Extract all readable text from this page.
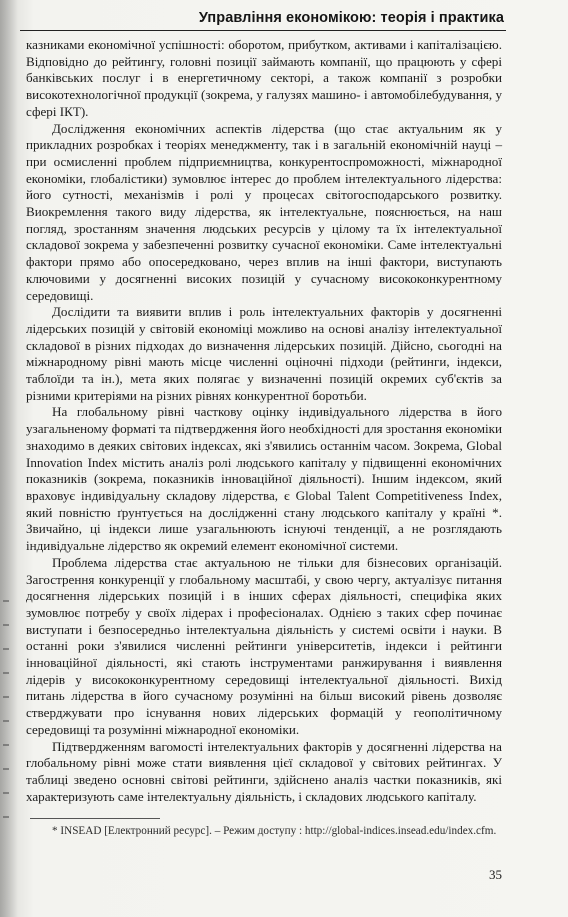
Управління економікою: теорія і практика

казниками економічної успішності: оборотом, прибутком, активами і капіталізацією. Відповідно до рейтингу, головні позиції займають компанії, що працюють у сфері банківських послуг і в енергетичному секторі, а також компанії з розробки високотехнологічної продукції (зокрема, у галузях машино- і автомобілебудування, у сфері ІКТ).

Дослідження економічних аспектів лідерства (що стає актуальним як у прикладних розробках і теоріях менеджменту, так і в загальній економічній науці – при осмисленні проблем підприємництва, конкурентоспроможності, міжнародної економіки, глобалістики) зумовлює інтерес до проблем інтелектуального лідерства: його сутності, механізмів і ролі у процесах світогосподарського розвитку. Виокремлення такого виду лідерства, як інтелектуальне, пояснюється, на наш погляд, зростанням значення людських ресурсів у цілому та їх інтелектуальної складової зокрема у забезпеченні розвитку сучасної економіки. Саме інтелектуальні фактори прямо або опосередковано, через вплив на інші фактори, виступають ключовими у досягненні високих позицій у сучасному висококонкурентному середовищі.

Дослідити та виявити вплив і роль інтелектуальних факторів у досягненні лідерських позицій у світовій економіці можливо на основі аналізу інтелектуальної складової в різних підходах до визначення лідерських позицій. Дійсно, сьогодні на міжнародному рівні мають місце численні оціночні підходи (рейтинги, індекси, таблоїди та ін.), мета яких полягає у визначенні позицій окремих суб'єктів за різними критеріями на різних рівнях конкурентної боротьби.

На глобальному рівні часткову оцінку індивідуального лідерства в його узагальненому форматі та підтвердження його необхідності для зростання економіки знаходимо в деяких світових індексах, які з'явились останнім часом. Зокрема, Global Innovation Index містить аналіз ролі людського капіталу у підвищенні економічних показників (зокрема, показників інноваційної діяльності). Іншим індексом, який враховує індивідуальну складову лідерства, є Global Talent Competitiveness Index, який повністю ґрунтується на дослідженні стану людського капіталу у країні *. Звичайно, ці індекси лише узагальнюють існуючі тенденції, а не розглядають індивідуальне лідерство як окремий елемент економічної системи.

Проблема лідерства стає актуальною не тільки для бізнесових організацій. Загострення конкуренції у глобальному масштабі, у свою чергу, актуалізує питання досягнення лідерських позицій і в інших сферах діяльності, специфіка яких зумовлює потребу у своїх лідерах і професіоналах. Однією з таких сфер починає виступати і безпосередньо інтелектуальна діяльність у системі освіти і науки. В останні роки з'явилися численні рейтинги університетів, індекси і рейтинги інноваційної діяльності, які стають інструментами ранжирування і виявлення лідерів у висококонкурентному середовищі інтелектуальної діяльності. Вихід питань лідерства в його сучасному розумінні на більш високий рівень дозволяє стверджувати про існування нових лідерських формацій у геополітичному середовищі та розумінні міжнародної економіки.

Підтвердженням вагомості інтелектуальних факторів у досягненні лідерства на глобальному рівні може стати виявлення цієї складової у світових рейтингах. У таблиці зведено основні світові рейтинги, здійснено аналіз частки показників, які характеризують саме інтелектуальну діяльність, і складових людського капіталу.

* INSEAD [Електронний ресурс]. – Режим доступу : http://global-indices.insead.edu/index.cfm.
35
